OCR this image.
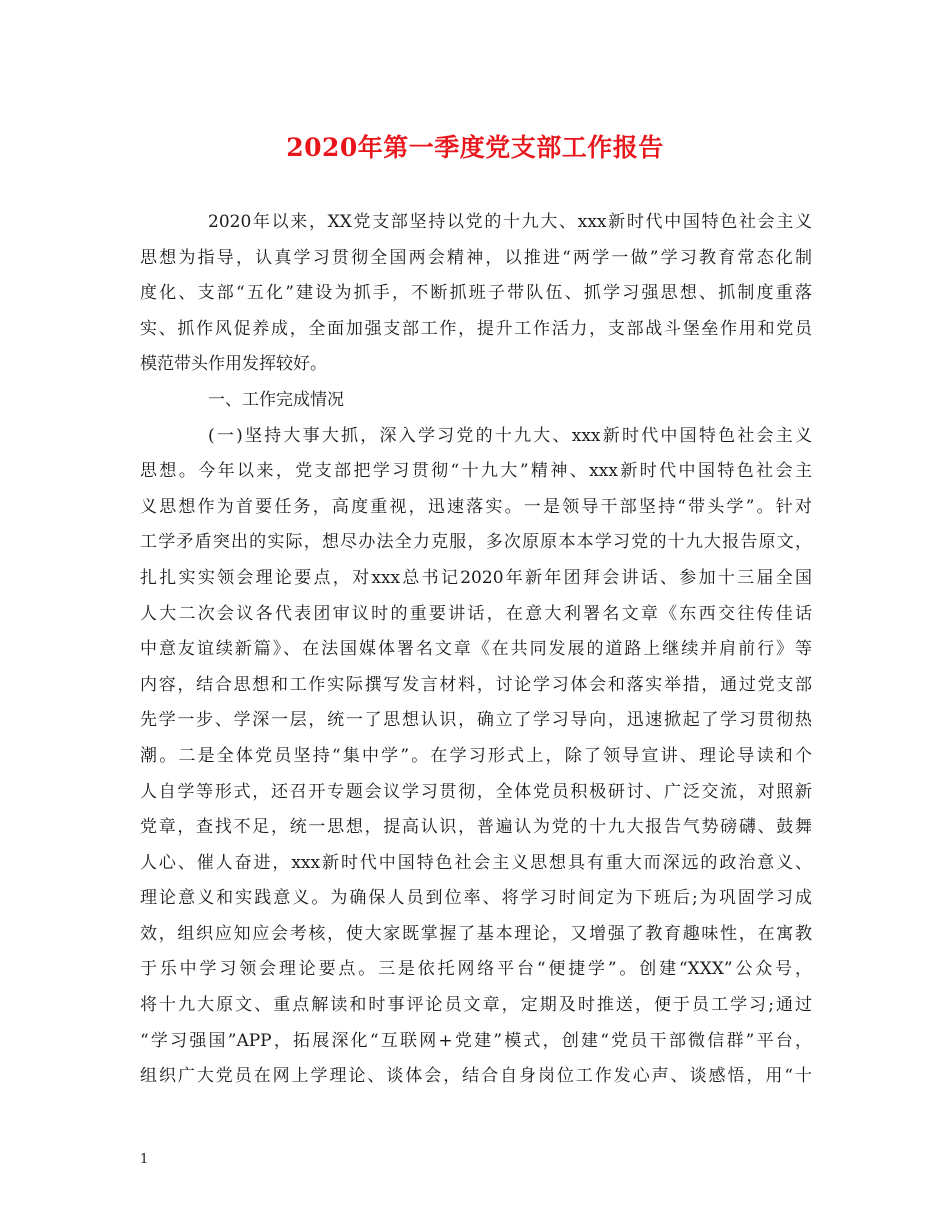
2020年第一季度党支部工作报告
2020年以来，XX党支部坚持以党的十九大、xxx新时代中国特色社会主义
思想为指导，认真学习贯彻全国两会精神，以推进“两学一做”学习教育常态化制
度化、支部“五化”建设为抓手，不断抓班子带队伍、抓学习强思想、抓制度重落
实、抓作风促养成，全面加强支部工作，提升工作活力，支部战斗堡垒作用和党员
模范带头作用发挥较好。
一、工作完成情况
(一)坚持大事大抓，深入学习党的十九大、xxx新时代中国特色社会主义
思想。今年以来，党支部把学习贯彻“十九大”精神、xxx新时代中国特色社会主
义思想作为首要任务，高度重视，迅速落实。一是领导干部坚持“带头学”。针对
工学矛盾突出的实际，想尽办法全力克服，多次原原本本学习党的十九大报告原文，
扎扎实实领会理论要点，对xxx总书记2020年新年团拜会讲话、参加十三届全国
人大二次会议各代表团审议时的重要讲话，在意大利署名文章《东西交往传佳话
中意友谊续新篇》、在法国媒体署名文章《在共同发展的道路上继续并肩前行》等
内容，结合思想和工作实际撰写发言材料，讨论学习体会和落实举措，通过党支部
先学一步、学深一层，统一了思想认识，确立了学习导向，迅速掀起了学习贯彻热
潮。二是全体党员坚持“集中学”。在学习形式上，除了领导宣讲、理论导读和个
人自学等形式，还召开专题会议学习贯彻，全体党员积极研讨、广泛交流，对照新
党章，查找不足，统一思想，提高认识，普遍认为党的十九大报告气势磅礴、鼓舞
人心、催人奋进，xxx新时代中国特色社会主义思想具有重大而深远的政治意义、
理论意义和实践意义。为确保人员到位率、将学习时间定为下班后;为巩固学习成
效，组织应知应会考核，使大家既掌握了基本理论，又增强了教育趣味性，在寓教
于乐中学习领会理论要点。三是依托网络平台“便捷学”。创建“XXX”公众号，
将十九大原文、重点解读和时事评论员文章，定期及时推送，便于员工学习;通过
“学习强国”APP，拓展深化“互联网+党建”模式，创建“党员干部微信群”平台，
组织广大党员在网上学理论、谈体会，结合自身岗位工作发心声、谈感悟，用“十
1
